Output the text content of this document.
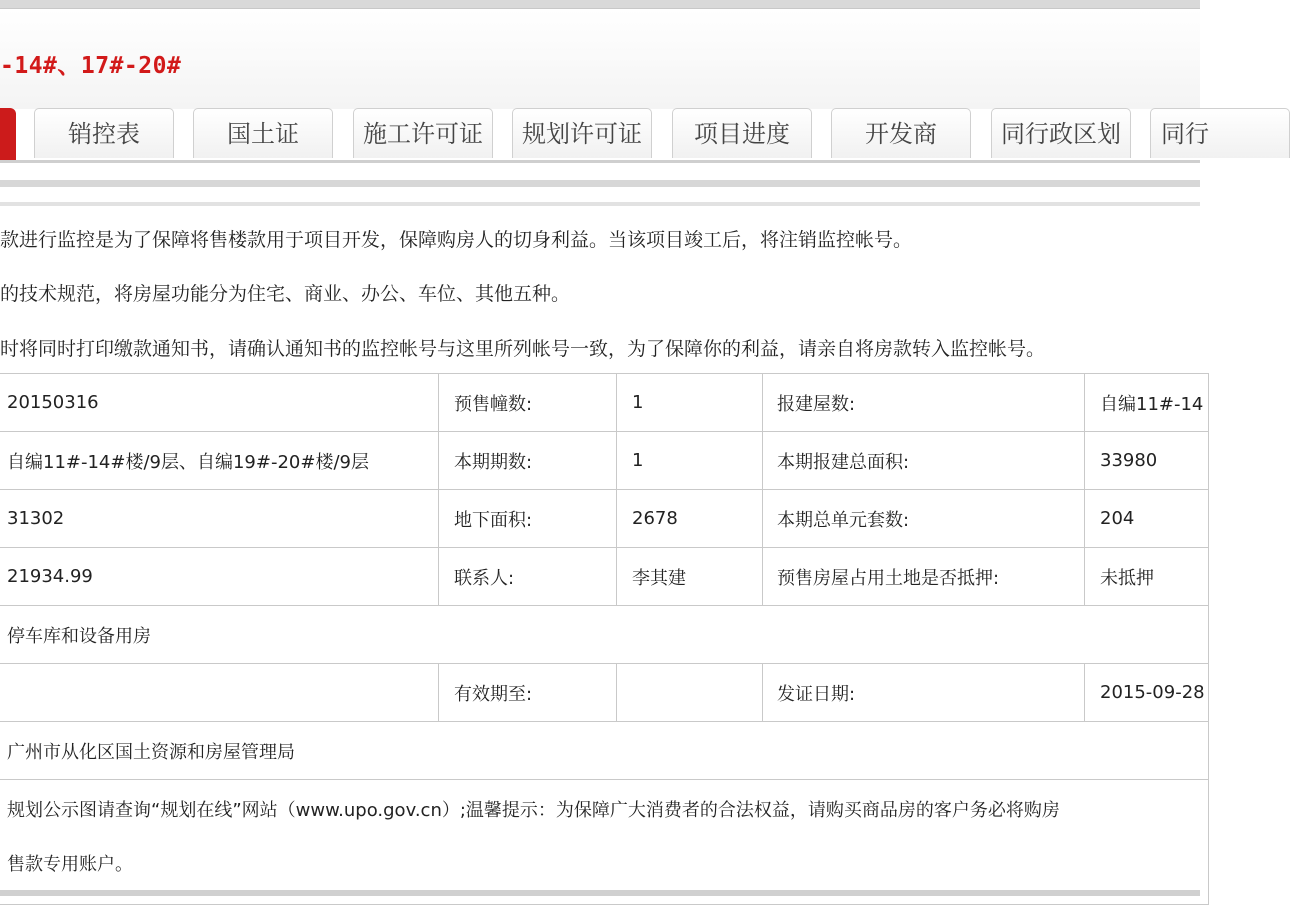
-14#、17#-20#
销控表	国土证	施工许可证	规划许可证	项目进度	开发商	同行政区划	同行
款进行监控是为了保障将售楼款用于项目开发，保障购房人的切身利益。当该项目竣工后，将注销监控帐号。
的技术规范，将房屋功能分为住宅、商业、办公、车位、其他五种。
时将同时打印缴款通知书，请确认通知书的监控帐号与这里所列帐号一致，为了保障你的利益，请亲自将房款转入监控帐号。
20150316	预售幢数:	1	报建屋数:	自编11#-14
自编11#-14#楼/9层、自编19#-20#楼/9层	本期期数:	1	本期报建总面积:	33980
31302	地下面积:	2678	本期总单元套数:	204
21934.99	联系人:	李其建	预售房屋占用土地是否抵押:	未抵押
停车库和设备用房				
	有效期至:		发证日期:	2015-09-28
广州市从化区国土资源和房屋管理局				
规划公示图请查询“规划在线”网站（www.upo.gov.cn）;温馨提示：为保障广大消费者的合法权益，请购买商品房的客户务必将购房
售款专用账户。				
